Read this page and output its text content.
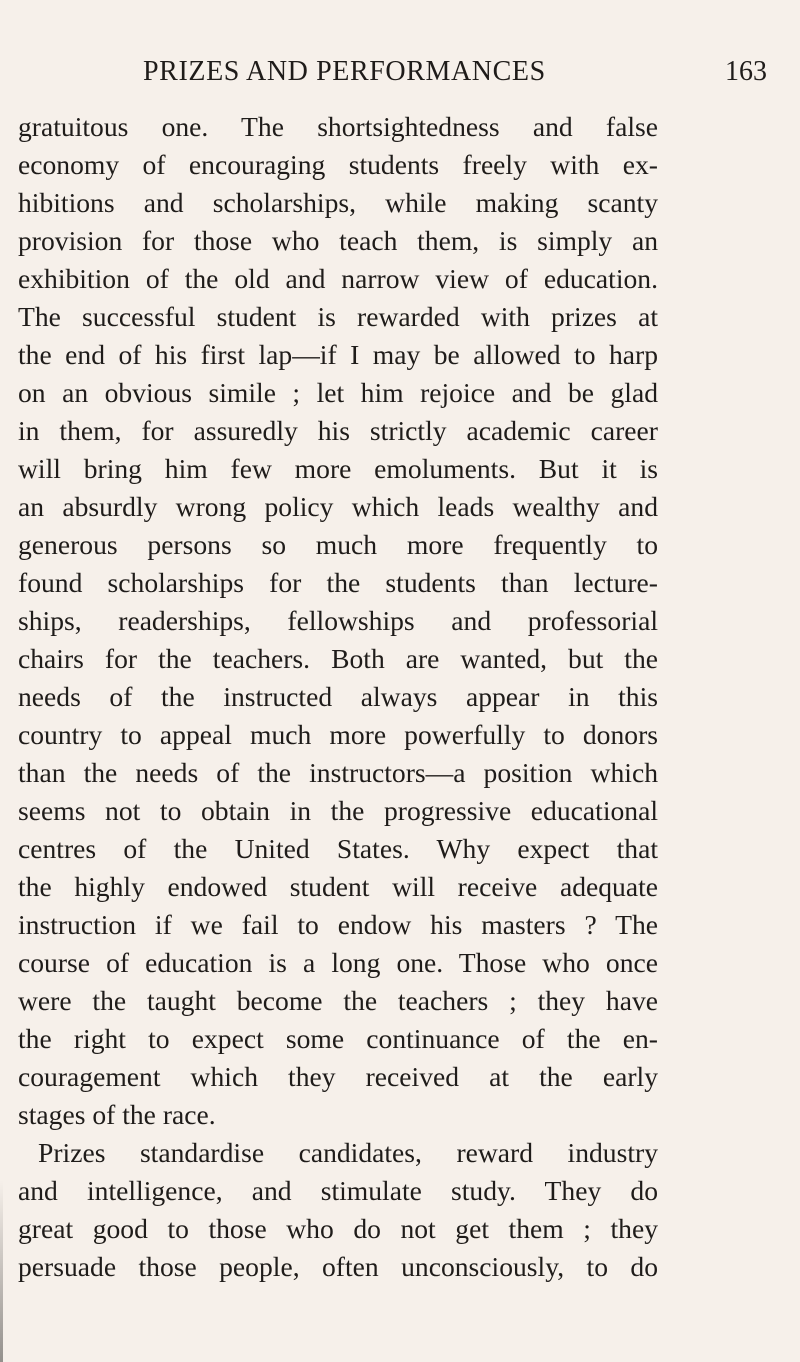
PRIZES AND PERFORMANCES	163
gratuitous one. The shortsightedness and false
economy of encouraging students freely with ex-
hibitions and scholarships, while making scanty
provision for those who teach them, is simply an
exhibition of the old and narrow view of education.
The successful student is rewarded with prizes at
the end of his first lap—if I may be allowed to harp
on an obvious simile ; let him rejoice and be glad
in them, for assuredly his strictly academic career
will bring him few more emoluments. But it is
an absurdly wrong policy which leads wealthy and
generous persons so much more frequently to
found scholarships for the students than lecture-
ships, readerships, fellowships and professorial
chairs for the teachers. Both are wanted, but the
needs of the instructed always appear in this
country to appeal much more powerfully to donors
than the needs of the instructors—a position which
seems not to obtain in the progressive educational
centres of the United States. Why expect that
the highly endowed student will receive adequate
instruction if we fail to endow his masters ? The
course of education is a long one. Those who once
were the taught become the teachers ; they have
the right to expect some continuance of the en-
couragement which they received at the early
stages of the race.
Prizes standardise candidates, reward industry
and intelligence, and stimulate study. They do
great good to those who do not get them ; they
persuade those people, often unconsciously, to do
